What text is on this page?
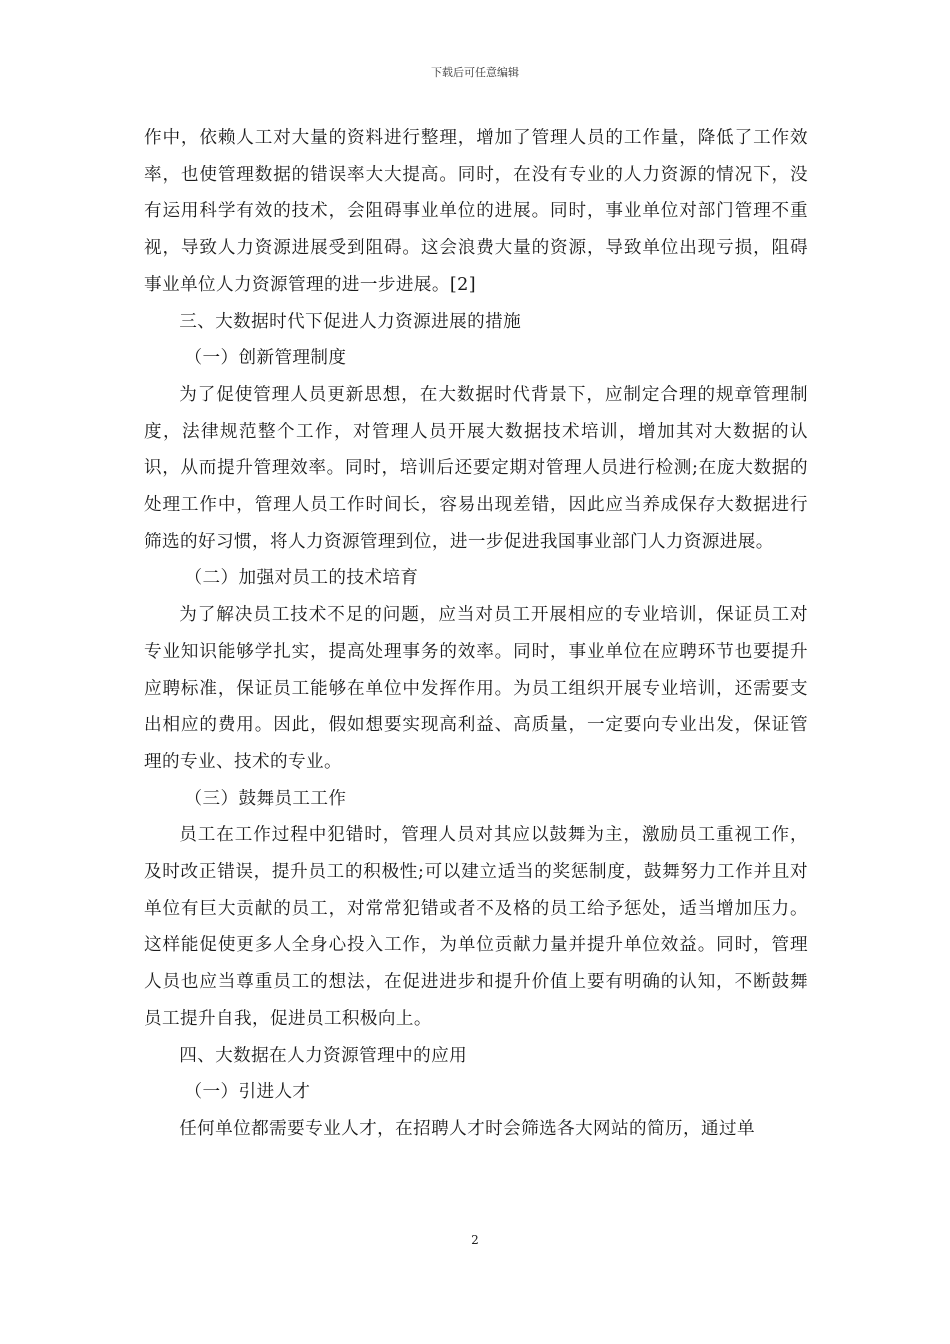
下载后可任意编辑

作中，依赖人工对大量的资料进行整理，增加了管理人员的工作量，降低了工作效率，也使管理数据的错误率大大提高。同时，在没有专业的人力资源的情况下，没有运用科学有效的技术，会阻碍事业单位的进展。同时，事业单位对部门管理不重视，导致人力资源进展受到阻碍。这会浪费大量的资源，导致单位出现亏损，阻碍事业单位人力资源管理的进一步进展。[2]

三、大数据时代下促进人力资源进展的措施

（一）创新管理制度

为了促使管理人员更新思想，在大数据时代背景下，应制定合理的规章管理制度，法律规范整个工作，对管理人员开展大数据技术培训，增加其对大数据的认识，从而提升管理效率。同时，培训后还要定期对管理人员进行检测;在庞大数据的处理工作中，管理人员工作时间长，容易出现差错，因此应当养成保存大数据进行筛选的好习惯，将人力资源管理到位，进一步促进我国事业部门人力资源进展。

（二）加强对员工的技术培育

为了解决员工技术不足的问题，应当对员工开展相应的专业培训，保证员工对专业知识能够学扎实，提高处理事务的效率。同时，事业单位在应聘环节也要提升应聘标准，保证员工能够在单位中发挥作用。为员工组织开展专业培训，还需要支出相应的费用。因此，假如想要实现高利益、高质量，一定要向专业出发，保证管理的专业、技术的专业。

（三）鼓舞员工工作

员工在工作过程中犯错时，管理人员对其应以鼓舞为主，激励员工重视工作，及时改正错误，提升员工的积极性;可以建立适当的奖惩制度，鼓舞努力工作并且对单位有巨大贡献的员工，对常常犯错或者不及格的员工给予惩处，适当增加压力。这样能促使更多人全身心投入工作，为单位贡献力量并提升单位效益。同时，管理人员也应当尊重员工的想法，在促进进步和提升价值上要有明确的认知，不断鼓舞员工提升自我，促进员工积极向上。

四、大数据在人力资源管理中的应用

（一）引进人才

任何单位都需要专业人才，在招聘人才时会筛选各大网站的简历，通过单

2
